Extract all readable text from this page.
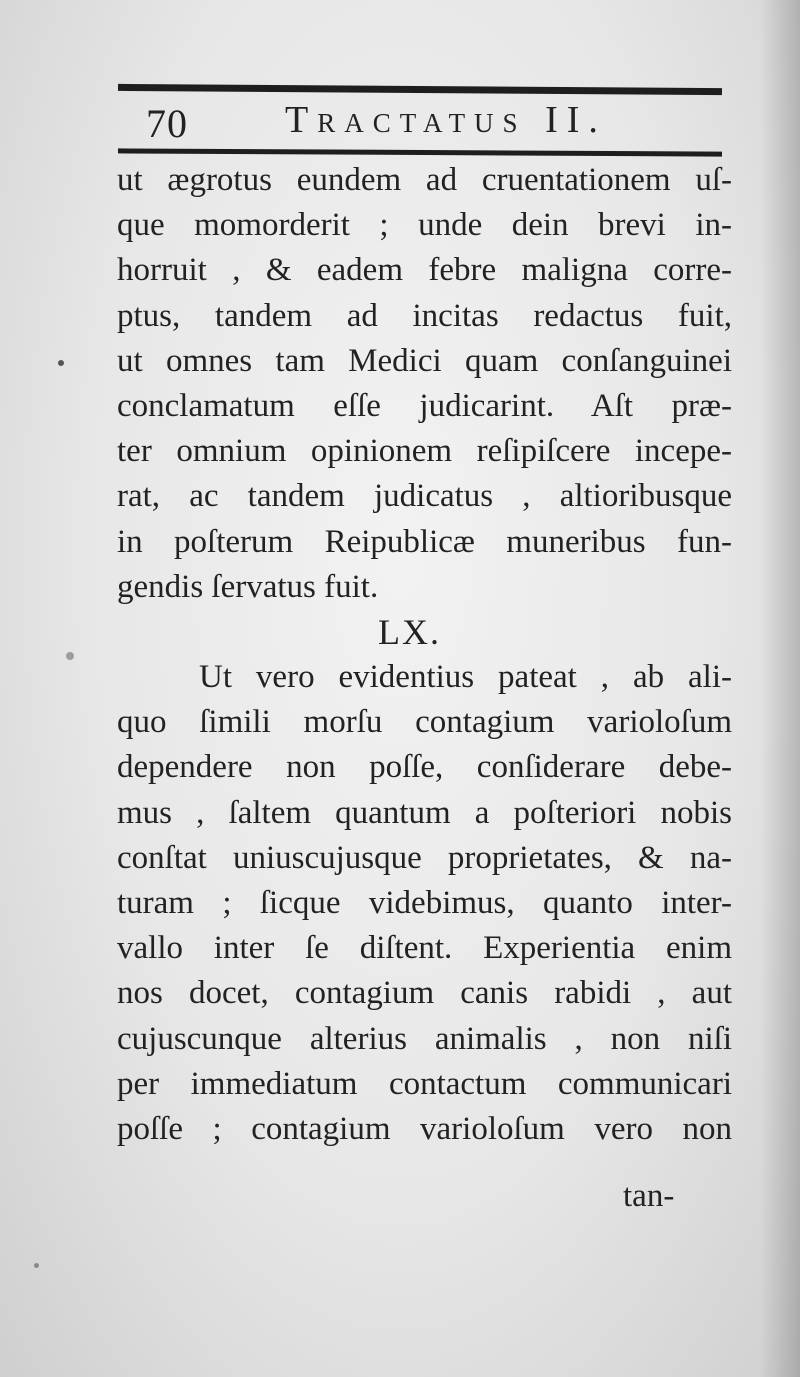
70	Tractatus II.
ut ægrotus eundem ad cruentationem uſ-
que momorderit ; unde dein brevi in-
horruit , & eadem febre maligna corre-
ptus, tandem ad incitas redactus fuit,
ut omnes tam Medici quam conſanguinei
conclamatum eſſe judicarint. Aſt præ-
ter omnium opinionem reſipiſcere incepe-
rat, ac tandem judicatus , altioribusque
in poſterum Reipublicæ muneribus fun-
gendis ſervatus fuit.
LX.
Ut vero evidentius pateat , ab ali-
quo ſimili morſu contagium varioloſum
dependere non poſſe, conſiderare debe-
mus , ſaltem quantum a poſteriori nobis
conſtat uniuscujusque proprietates, & na-
turam ; ſicque videbimus, quanto inter-
vallo inter ſe diſtent. Experientia enim
nos docet, contagium canis rabidi , aut
cujuscunque alterius animalis , non niſi
per immediatum contactum communicari
poſſe ; contagium varioloſum vero non
tan-
